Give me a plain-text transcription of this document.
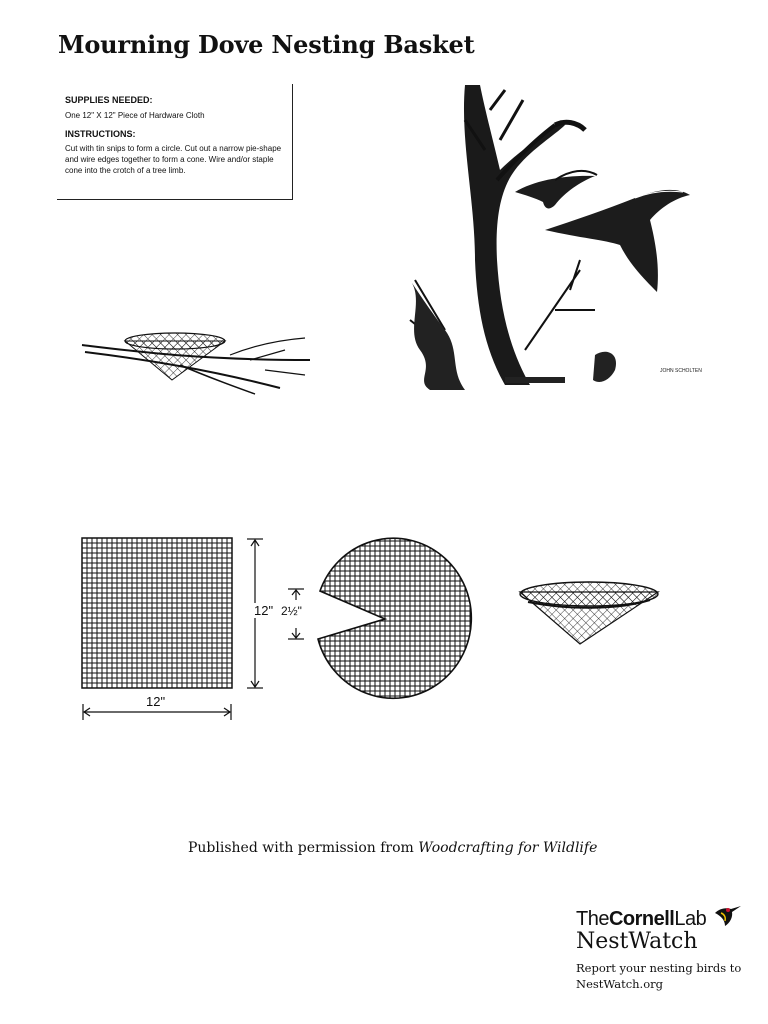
Mourning Dove Nesting Basket
SUPPLIES NEEDED:
One 12" X 12" Piece of Hardware Cloth
INSTRUCTIONS:
Cut with tin snips to form a circle. Cut out a narrow pie-shape and wire edges together to form a cone. Wire and/or staple cone into the crotch of a tree limb.
JOHN SCHOLTEN
12"
12"
2½"
Published with permission from Woodcrafting for Wildlife
TheCornellLab
NestWatch
Report your nesting birds to
NestWatch.org
